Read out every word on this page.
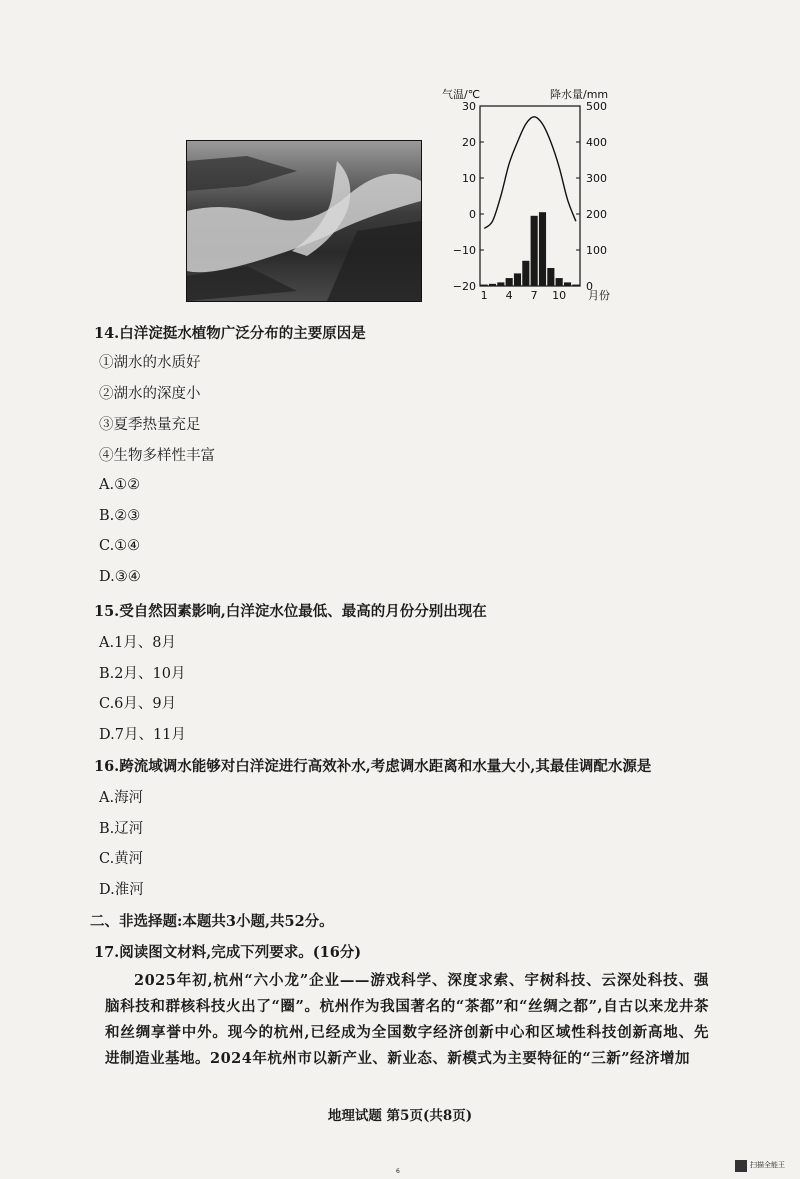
气温/℃	降水量/mm
30
20
10
0
−10
−20
500
400
300
200
100
0
1 4 7 10 月份
14.白洋淀挺水植物广泛分布的主要原因是
①湖水的水质好
②湖水的深度小
③夏季热量充足
④生物多样性丰富
A.①②
B.②③
C.①④
D.③④
15.受自然因素影响,白洋淀水位最低、最高的月份分别出现在
A.1月、8月
B.2月、10月
C.6月、9月
D.7月、11月
16.跨流域调水能够对白洋淀进行高效补水,考虑调水距离和水量大小,其最佳调配水源是
A.海河
B.辽河
C.黄河
D.淮河
二、非选择题:本题共3小题,共52分。
17.阅读图文材料,完成下列要求。(16分)
2025年初,杭州“六小龙”企业——游戏科学、深度求索、宇树科技、云深处科技、强脑科技和群核科技火出了“圈”。杭州作为我国著名的“茶都”和“丝绸之都”,自古以来龙井茶和丝绸享誉中外。现今的杭州,已经成为全国数字经济创新中心和区域性科技创新高地、先进制造业基地。2024年杭州市以新产业、新业态、新模式为主要特征的“三新”经济增加
地理试题 第5页(共8页)
6
扫描全能王
